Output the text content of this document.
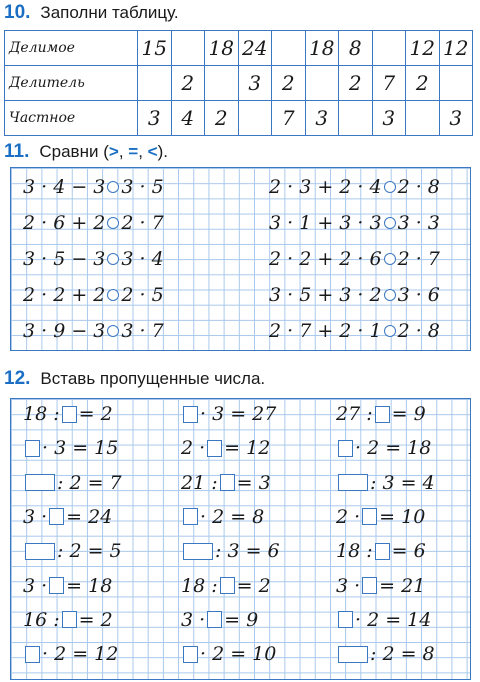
10. Заполни таблицу.
Делимое	15		18	24		18	8		12	12
Делитель		2		3	2		2	7	2	
Частное	3	4	2		7	3		3		3
11. Сравни (>, =, <).
3 · 4 − 3 3 · 5
2 · 6 + 2 2 · 7
3 · 5 − 3 3 · 4
2 · 2 + 2 2 · 5
3 · 9 − 3 3 · 7
2 · 3 + 2 · 4 2 · 8
3 · 1 + 3 · 3 3 · 3
2 · 2 + 2 · 6 2 · 7
3 · 5 + 3 · 2 3 · 6
2 · 7 + 2 · 1 2 · 8
12. Вставь пропущенные числа.
18 : = 2
· 3 = 15
: 2 = 7
3 · = 24
: 2 = 5
3 · = 18
16 : = 2
· 2 = 12
· 3 = 27
2 · = 12
21 : = 3
· 2 = 8
: 3 = 6
18 : = 2
3 · = 9
· 2 = 10
27 : = 9
· 2 = 18
: 3 = 4
2 · = 10
18 : = 6
3 · = 21
· 2 = 14
: 2 = 8
